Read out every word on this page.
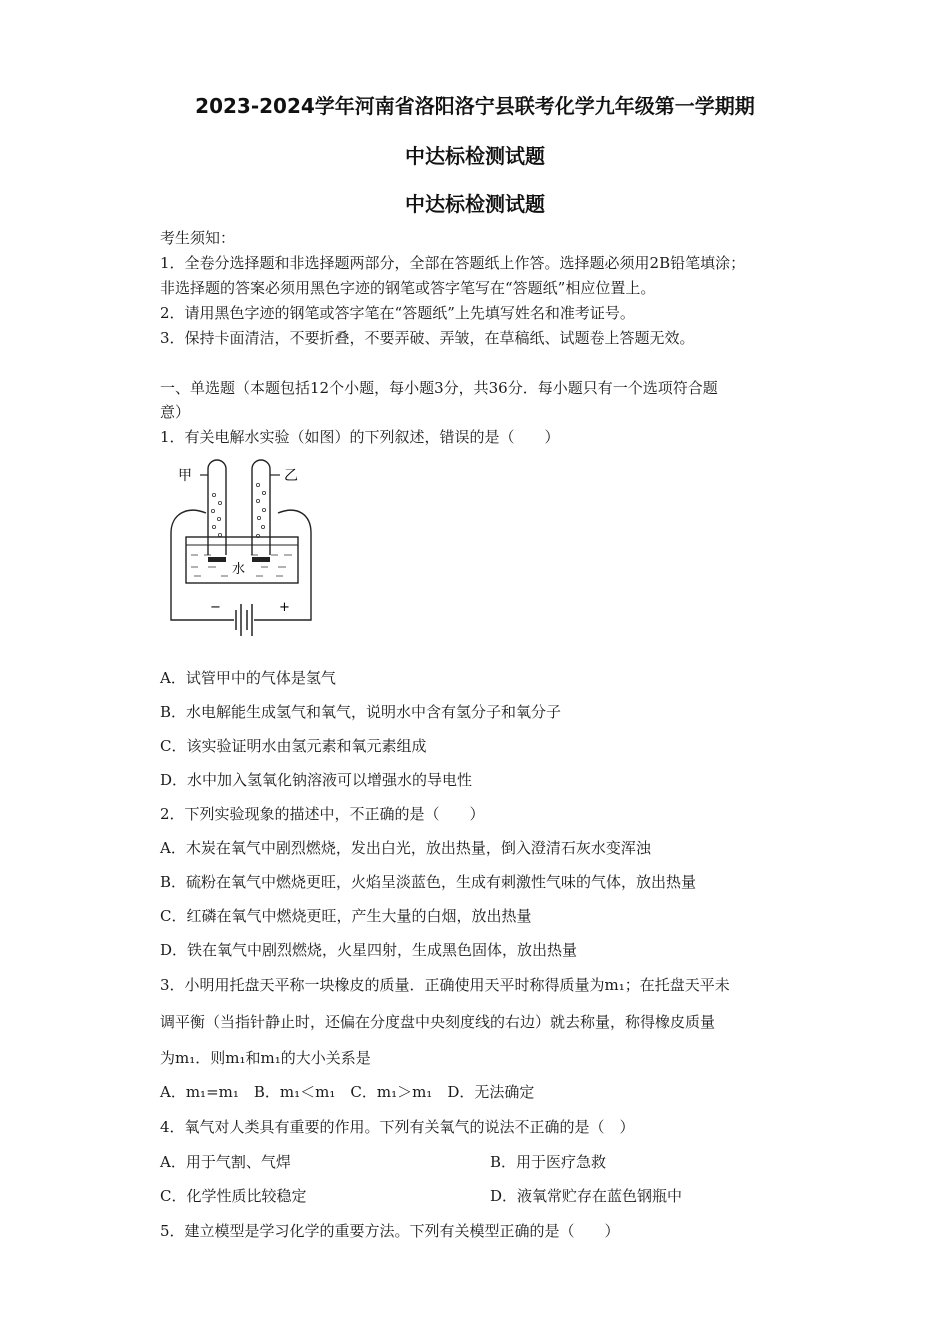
2023-2024学年河南省洛阳洛宁县联考化学九年级第一学期期
中达标检测试题
中达标检测试题
考生须知：
1．全卷分选择题和非选择题两部分，全部在答题纸上作答。选择题必须用2B铅笔填涂；
非选择题的答案必须用黑色字迹的钢笔或答字笔写在“答题纸”相应位置上。
2．请用黑色字迹的钢笔或答字笔在“答题纸”上先填写姓名和准考证号。
3．保持卡面清洁，不要折叠，不要弄破、弄皱，在草稿纸、试题卷上答题无效。
一、单选题（本题包括12个小题，每小题3分，共36分．每小题只有一个选项符合题
意）
1．有关电解水实验（如图）的下列叙述，错误的是（　　）
−	+
水
甲	乙
A．试管甲中的气体是氢气
B．水电解能生成氢气和氧气，说明水中含有氢分子和氧分子
C．该实验证明水由氢元素和氧元素组成
D．水中加入氢氧化钠溶液可以增强水的导电性
2．下列实验现象的描述中，不正确的是（　　）
A．木炭在氧气中剧烈燃烧，发出白光，放出热量，倒入澄清石灰水变浑浊
B．硫粉在氧气中燃烧更旺，火焰呈淡蓝色，生成有刺激性气味的气体，放出热量
C．红磷在氧气中燃烧更旺，产生大量的白烟，放出热量
D．铁在氧气中剧烈燃烧，火星四射，生成黑色固体，放出热量
3．小明用托盘天平称一块橡皮的质量．正确使用天平时称得质量为m₁；在托盘天平未
调平衡（当指针静止时，还偏在分度盘中央刻度线的右边）就去称量，称得橡皮质量
为m₁．则m₁和m₁的大小关系是
A．m₁=m₁　B．m₁＜m₁　C．m₁＞m₁　D．无法确定
4．氧气对人类具有重要的作用。下列有关氧气的说法不正确的是（　）
A．用于气割、气焊	B．用于医疗急救
C．化学性质比较稳定	D．液氧常贮存在蓝色钢瓶中
5．建立模型是学习化学的重要方法。下列有关模型正确的是（　　）
